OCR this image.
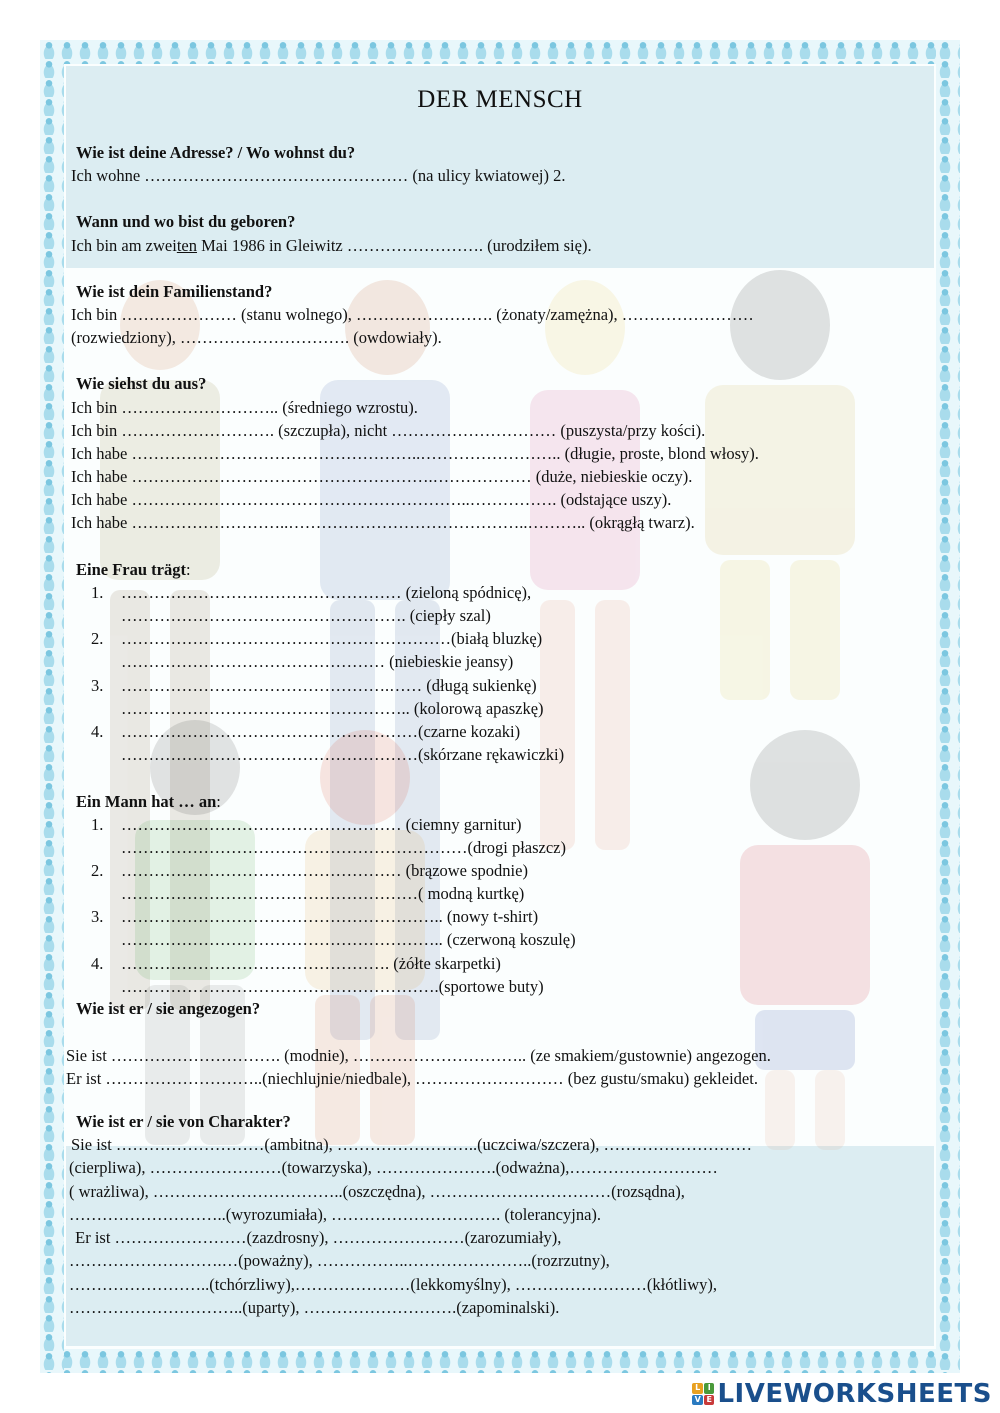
DER MENSCH
Wie ist deine Adresse? / Wo wohnst du?
Ich wohne ………………………………………… (na ulicy kwiatowej) 2.
Wann und wo bist du geboren?
Ich bin am zweiten Mai 1986 in Gleiwitz ……………………. (urodziłem się).
Wie ist dein Familienstand?
Ich bin ………………… (stanu wolnego), ……………………. (żonaty/zamężna), ……………………
(rozwiedziony), …………………………. (owdowiały).
Wie siehst du aus?
Ich bin ……………………….. (średniego wzrostu).
Ich bin ………………………. (szczupła), nicht ………………………… (puszysta/przy kości).
Ich habe ……………………………………………..…………………….. (długie, proste, blond włosy).
Ich habe ……………………………………………….……………… (duże, niebieskie oczy).
Ich habe ……………………………………………………..……………. (odstające uszy).
Ich habe ………………………..……………………………………..……….. (okrągłą twarz).
Eine Frau trägt:
1. …………………………………………… (zieloną spódnicę),
……………………………………………. (ciepły szal)
2. ……………………………………………………(białą bluzkę)
………………………………………… (niebieskie jeansy)
3. ………………………………………….…… (długą sukienkę)
…………………………………………….. (kolorową apaszkę)
4. ………………………………………………(czarne kozaki)
………………………………………………(skórzane rękawiczki)
Ein Mann hat … an:
1. …………………………………………… (ciemny garnitur)
………………………………………………………(drogi płaszcz)
2. …………………………………………… (brązowe spodnie)
………………………………………………( modną kurtkę)
3. ………………………………………………….. (nowy t-shirt)
………………………………………………….. (czerwoną koszulę)
4. …………………………………………. (żółte skarpetki)
………………………………………………….(sportowe buty)
Wie ist er / sie angezogen?
Sie ist …………………………. (modnie), ………………………….. (ze smakiem/gustownie) angezogen.
Er ist ………………………..(niechlujnie/niedbale), ……………………… (bez gustu/smaku) gekleidet.
Wie ist er / sie von Charakter?
Sie ist ………………………(ambitna), ……………………..(uczciwa/szczera), ………………………
(cierpliwa), ……………………(towarzyska), ………………….(odważna),………………………
( wrażliwa), ……………………………..(oszczędna), ……………………………(rozsądna),
………………………..(wyrozumiała), …………………………. (tolerancyjna).
Er ist ……………………(zazdrosny), ……………………(zarozumiały),
……………………….…(poważny), ……………..…………………..(rozrzutny),
……………………..(tchórzliwy),…………………(lekkomyślny), ……………………(kłótliwy),
…………………………..(uparty), ……………………….(zapominalski).
L I
V E LIVEWORKSHEETS
